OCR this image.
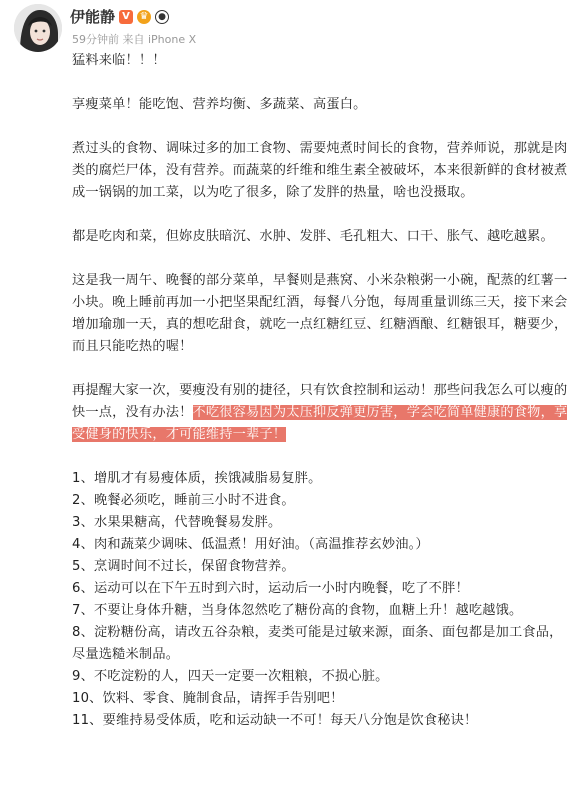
伊能静 V ♛	●
59分钟前 来自 iPhone X

猛料来临！！！

享瘦菜单！能吃饱、营养均衡、多蔬菜、高蛋白。

煮过头的食物、调味过多的加工食物、需要炖煮时间长的食物，营养师说，那就是肉类的腐烂尸体，没有营养。而蔬菜的纤维和维生素全被破坏，本来很新鲜的食材被煮成一锅锅的加工菜，以为吃了很多，除了发胖的热量，啥也没摄取。

都是吃肉和菜，但妳皮肤暗沉、水肿、发胖、毛孔粗大、口干、胀气、越吃越累。

这是我一周午、晚餐的部分菜单，早餐则是燕窝、小米杂粮粥一小碗，配蒸的红薯一小块。晚上睡前再加一小把坚果配红酒，每餐八分饱，每周重量训练三天，接下来会增加瑜珈一天，真的想吃甜食，就吃一点红糖红豆、红糖酒酿、红糖银耳，糖要少，而且只能吃热的喔！

再提醒大家一次，要瘦没有别的捷径，只有饮食控制和运动！那些问我怎么可以瘦的快一点，没有办法！不吃很容易因为太压抑反弹更厉害，学会吃简单健康的食物，享受健身的快乐，才可能维持一辈子！

1、增肌才有易瘦体质，挨饿减脂易复胖。

2、晚餐必须吃，睡前三小时不进食。

3、水果果糖高，代替晚餐易发胖。

4、肉和蔬菜少调味、低温煮！用好油。（高温推荐玄妙油。）

5、烹调时间不过长，保留食物营养。

6、运动可以在下午五时到六时，运动后一小时内晚餐，吃了不胖！

7、不要让身体升糖，当身体忽然吃了糖份高的食物，血糖上升！越吃越饿。

8、淀粉糖份高，请改五谷杂粮，麦类可能是过敏来源，面条、面包都是加工食品，尽量选糙米制品。

9、不吃淀粉的人，四天一定要一次粗粮，不损心脏。

10、饮料、零食、腌制食品，请挥手告别吧！

11、要维持易受体质，吃和运动缺一不可！每天八分饱是饮食秘诀！
